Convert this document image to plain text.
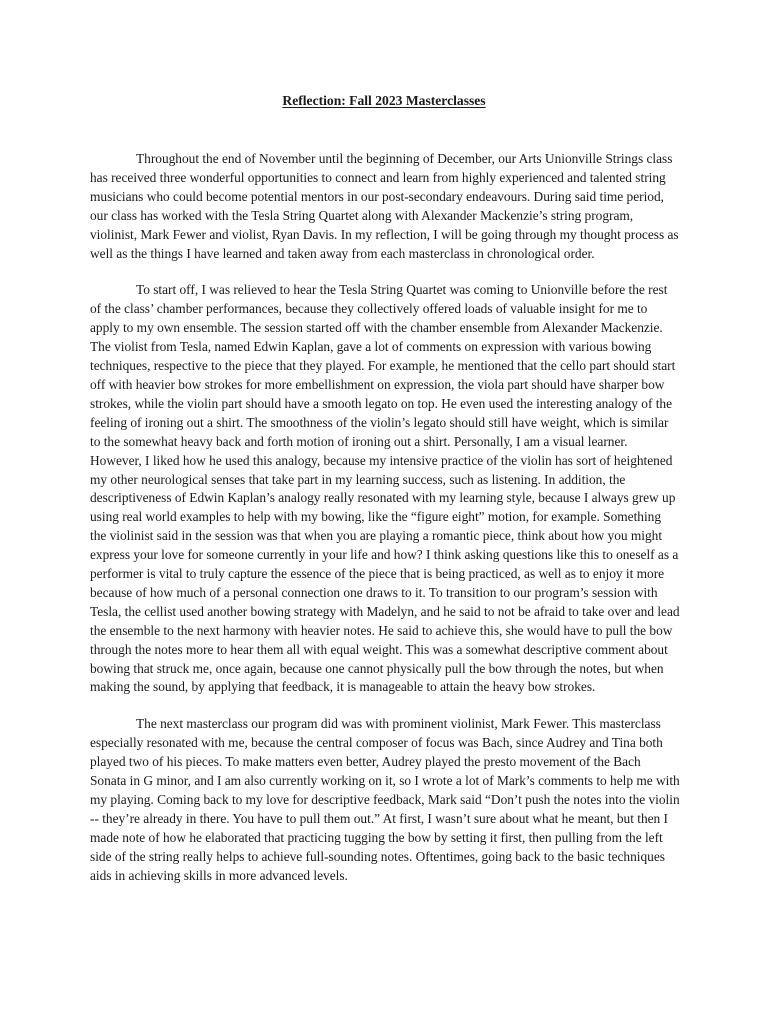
Reflection: Fall 2023 Masterclasses

Throughout the end of November until the beginning of December, our Arts Unionville Strings class has received three wonderful opportunities to connect and learn from highly experienced and talented string musicians who could become potential mentors in our post-secondary endeavours. During said time period, our class has worked with the Tesla String Quartet along with Alexander Mackenzie’s string program, violinist, Mark Fewer and violist, Ryan Davis. In my reflection, I will be going through my thought process as well as the things I have learned and taken away from each masterclass in chronological order.

To start off, I was relieved to hear the Tesla String Quartet was coming to Unionville before the rest of the class’ chamber performances, because they collectively offered loads of valuable insight for me to apply to my own ensemble. The session started off with the chamber ensemble from Alexander Mackenzie. The violist from Tesla, named Edwin Kaplan, gave a lot of comments on expression with various bowing techniques, respective to the piece that they played. For example, he mentioned that the cello part should start off with heavier bow strokes for more embellishment on expression, the viola part should have sharper bow strokes, while the violin part should have a smooth legato on top. He even used the interesting analogy of the feeling of ironing out a shirt. The smoothness of the violin’s legato should still have weight, which is similar to the somewhat heavy back and forth motion of ironing out a shirt. Personally, I am a visual learner. However, I liked how he used this analogy, because my intensive practice of the violin has sort of heightened my other neurological senses that take part in my learning success, such as listening. In addition, the descriptiveness of Edwin Kaplan’s analogy really resonated with my learning style, because I always grew up using real world examples to help with my bowing, like the “figure eight” motion, for example. Something the violinist said in the session was that when you are playing a romantic piece, think about how you might express your love for someone currently in your life and how? I think asking questions like this to oneself as a performer is vital to truly capture the essence of the piece that is being practiced, as well as to enjoy it more because of how much of a personal connection one draws to it. To transition to our program’s session with Tesla, the cellist used another bowing strategy with Madelyn, and he said to not be afraid to take over and lead the ensemble to the next harmony with heavier notes. He said to achieve this, she would have to pull the bow through the notes more to hear them all with equal weight. This was a somewhat descriptive comment about bowing that struck me, once again, because one cannot physically pull the bow through the notes, but when making the sound, by applying that feedback, it is manageable to attain the heavy bow strokes.

The next masterclass our program did was with prominent violinist, Mark Fewer. This masterclass especially resonated with me, because the central composer of focus was Bach, since Audrey and Tina both played two of his pieces. To make matters even better, Audrey played the presto movement of the Bach Sonata in G minor, and I am also currently working on it, so I wrote a lot of Mark’s comments to help me with my playing. Coming back to my love for descriptive feedback, Mark said “Don’t push the notes into the violin -- they’re already in there. You have to pull them out.” At first, I wasn’t sure about what he meant, but then I made note of how he elaborated that practicing tugging the bow by setting it first, then pulling from the left side of the string really helps to achieve full-sounding notes. Oftentimes, going back to the basic techniques aids in achieving skills in more advanced levels.
